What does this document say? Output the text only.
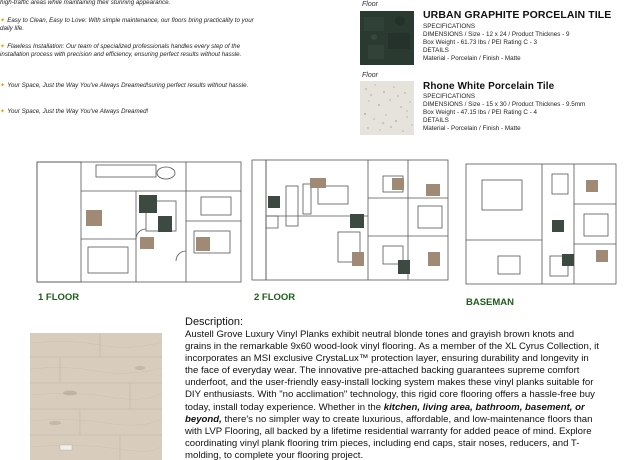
high-traffic areas while maintaining their stunning appearance.
✦ Easy to Clean, Easy to Love: With simple maintenance, our floors bring practicality to your daily life.
✦ Flawless Installation: Our team of specialized professionals handles every step of the installation process with precision and efficiency, ensuring perfect results without hassle.
✦ Your Space, Just the Way You've Always Dreamed!suring perfect results without hassle.
✦ Your Space, Just the Way You've Always Dreamed!
Floor
URBAN GRAPHITE PORCELAIN TILE
SPECIFICATIONS
DIMENSIONS / Size - 12 x 24 / Product Thicknes - 9
Box Weight - 61.73 lbs / PEI Rating C - 3
DETAILS
Material - Porcelain / Finish - Matte
Floor
Rhone White Porcelain Tile
SPECIFICATIONS
DIMENSIONS / Size - 15 x 30 / Product Thicknes - 9.5mm
Box Weight - 47.15 lbs / PEI Rating C - 4
DETAILS
Material - Porcelain / Finish - Matte
1 FLOOR	2 FLOOR	BASEMAN
Description:
Austell Grove Luxury Vinyl Planks exhibit neutral blonde tones and grayish brown knots and grains in the remarkable 9x60 wood-look vinyl flooring. As a member of the XL Cyrus Collection, it incorporates an MSI exclusive CrystaLux™ protection layer, ensuring durability and longevity in the face of everyday wear. The innovative pre-attached backing guarantees supreme comfort underfoot, and the user-friendly easy-install locking system makes these vinyl planks suitable for DIY enthusiasts. With "no acclimation" technology, this rigid core flooring offers a hassle-free buy today, install today experience. Whether in the kitchen, living area, bathroom, basement, or beyond, there's no simpler way to create luxurious, affordable, and low-maintenance floors than with LVP Flooring, all backed by a lifetime residential warranty for added peace of mind. Explore coordinating vinyl plank flooring trim pieces, including end caps, stair noses, reducers, and T-molding, to complete your flooring project.
